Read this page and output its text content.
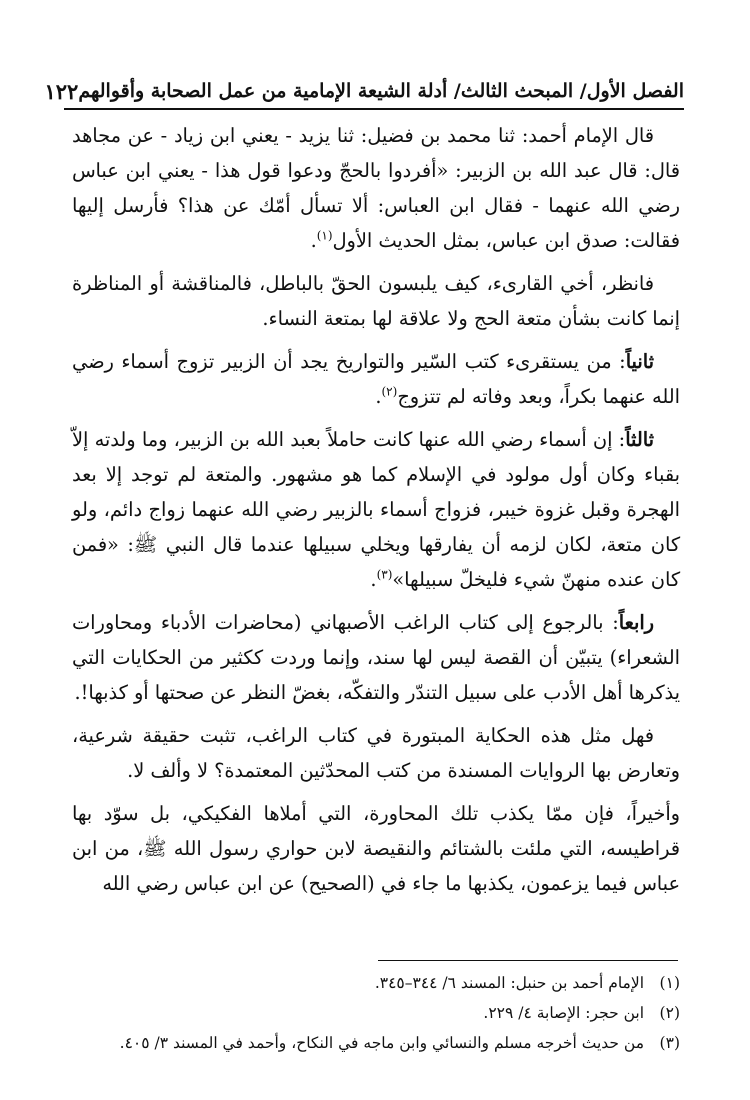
الفصل الأول/ المبحث الثالث/ أدلة الشيعة الإمامية من عمل الصحابة وأقوالهم
١٢٢

قال الإمام أحمد: ثنا محمد بن فضيل: ثنا يزيد - يعني ابن زياد - عن مجاهد قال: قال عبد الله بن الزبير: «أفردوا بالحجّ ودعوا قول هذا - يعني ابن عباس رضي الله عنهما - فقال ابن العباس: ألا تسأل أمّك عن هذا؟ فأرسل إليها فقالت: صدق ابن عباس، بمثل الحديث الأول$^{(١)}$.

فانظر، أخي القارىء، كيف يلبسون الحقّ بالباطل، فالمناقشة أو المناظرة إنما كانت بشأن متعة الحج ولا علاقة لها بمتعة النساء.

ثانياً: من يستقرىء كتب السّير والتواريخ يجد أن الزبير تزوج أسماء رضي الله عنهما بكراً، وبعد وفاته لم تتزوج$^{(٢)}$.

ثالثاً: إن أسماء رضي الله عنها كانت حاملاً بعبد الله بن الزبير، وما ولدته إلاّ بقباء وكان أول مولود في الإسلام كما هو مشهور. والمتعة لم توجد إلا بعد الهجرة وقبل غزوة خيبر، فزواج أسماء بالزبير رضي الله عنهما زواج دائم، ولو كان متعة، لكان لزمه أن يفارقها ويخلي سبيلها عندما قال النبي ﷺ: «فمن كان عنده منهنّ شيء فليخلّ سبيلها»$^{(٣)}$.

رابعاً: بالرجوع إلى كتاب الراغب الأصبهاني (محاضرات الأدباء ومحاورات الشعراء) يتبيّن أن القصة ليس لها سند، وإنما وردت ككثير من الحكايات التي يذكرها أهل الأدب على سبيل التندّر والتفكّه، بغضّ النظر عن صحتها أو كذبها!.

فهل مثل هذه الحكاية المبتورة في كتاب الراغب، تثبت حقيقة شرعية، وتعارض بها الروايات المسندة من كتب المحدّثين المعتمدة؟ لا وألف لا.

وأخيراً، فإن ممّا يكذب تلك المحاورة، التي أملاها الفكيكي، بل سوّد بها قراطيسه، التي ملئت بالشتائم والنقيصة لابن حواري رسول الله ﷺ، من ابن عباس فيما يزعمون، يكذبها ما جاء في (الصحيح) عن ابن عباس رضي الله

(١)
الإمام أحمد بن حنبل: المسند ٦/ ٣٤٤–٣٤٥.
(٢)
ابن حجر: الإصابة ٤/ ٢٢٩.
(٣)
من حديث أخرجه مسلم والنسائي وابن ماجه في النكاح، وأحمد في المسند ٣/ ٤٠٥.
